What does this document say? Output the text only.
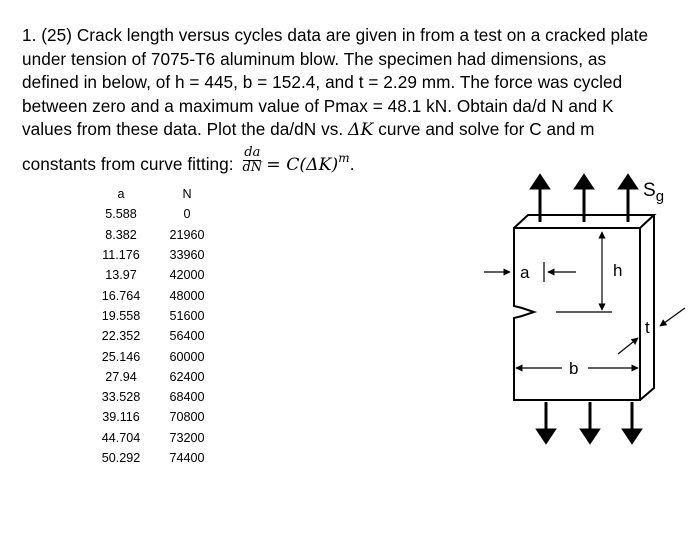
1. (25) Crack length versus cycles data are given in from a test on a cracked plate
under tension of 7075-T6 aluminum blow. The specimen had dimensions, as
defined in below, of h = 445, b = 152.4, and t = 2.29 mm. The force was cycled
between zero and a maximum value of Pmax = 48.1 kN. Obtain da/d N and K
values from these data. Plot the da/dN vs. ΔK curve and solve for C and m
constants from curve fitting: $\frac{da}{dN} = C(\Delta K)^m$.
a	N
5.588	0
8.382	21960
11.176	33960
13.97	42000
16.764	48000
19.558	51600
22.352	56400
25.146	60000
27.94	62400
33.528	68400
39.116	70800
44.704	73200
50.292	74400
a	h
b
t
$S_g$
